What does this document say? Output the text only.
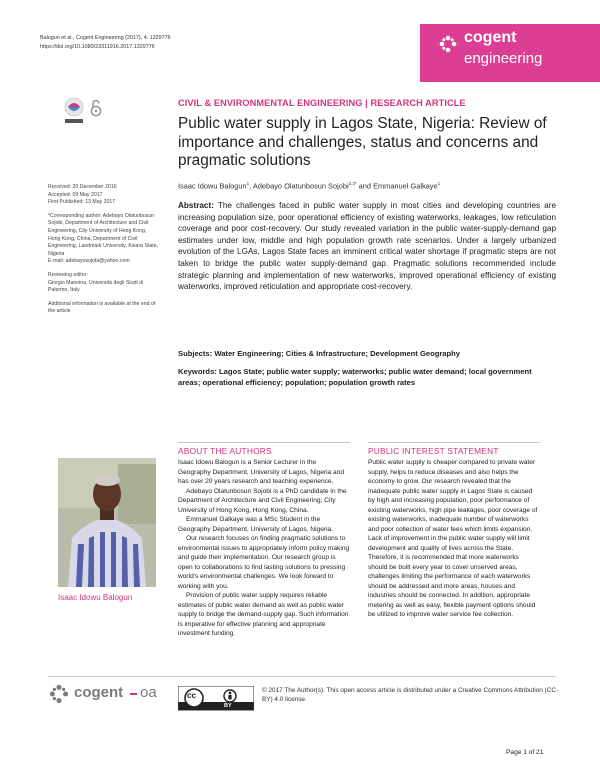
Balogun et al., Cogent Engineering (2017), 4: 1329776
https://doi.org/10.1080/23311916.2017.1329776
cogent
engineering

Received: 20 December 2016

Accepted: 09 May 2017

First Published: 13 May 2017

*Corresponding author: Adebayo Olatunbosun Sojobi, Department of Architecture and Civil Engineering, City University of Hong Kong, Hong Kong, China; Department of Civil Engineering, Landmark University, Kwara State, Nigeria

E-mail: adebayosojobi@yahoo.com

Reviewing editor:

Giorgio Mannina, Università degli Studi di Palermo, Italy

Additional information is available at the end of the article

CIVIL & ENVIRONMENTAL ENGINEERING | RESEARCH ARTICLE
Public water supply in Lagos State, Nigeria: Review of importance and challenges, status and concerns and pragmatic solutions
Isaac Idowu Balogun$^1$, Adebayo Olatunbosun Sojobi$^{2,3*}$ and Emmanuel Galkaye$^1$
Abstract: The challenges faced in public water supply in most cities and developing countries are increasing population size, poor operational efficiency of existing waterworks, leakages, low reticulation coverage and poor cost-recovery. Our study revealed variation in the public water-supply-demand gap estimates under low, middle and high population growth rate scenarios. Under a largely urbanized evolution of the LGAs, Lagos State faces an imminent critical water shortage if pragmatic steps are not taken to bridge the public water supply-demand gap. Pragmatic solutions recommended include strategic planning and implementation of new waterworks, improved operational efficiency of existing waterworks, improved reticulation and appropriate cost-recovery.
Subjects: Water Engineering; Cities & Infrastructure; Development Geography
Keywords: Lagos State; public water supply; waterworks; public water demand; local government areas; operational efficiency; population; population growth rates
ABOUT THE AUTHORS	PUBLIC INTEREST STATEMENT
Isaac Idowu Balogun

Isaac Idowu Balogun is a Senior Lecturer in the Geography Department, University of Lagos, Nigeria and has over 20 years research and teaching experience.

Adebayo Olatunbosun Sojobi is a PhD candidate in the Department of Architecture and Civil Engineering, City University of Hong Kong, Hong Kong, China.

Emmanuel Galkaye was a MSc Student in the Geography Department, University of Lagos, Nigeria.

Our research focuses on finding pragmatic solutions to environmental issues to appropriately inform policy making and guide their implementation. Our research group is open to collaborations to find lasting solutions to pressing world's environmental challenges. We look forward to working with you.

Provision of public water supply requires reliable estimates of public water demand as well as public water supply to bridge the demand-supply gap. Such information is imperative for effective planning and appropriate investment funding.

Public water supply is cheaper compared to private water supply, helps to reduce diseases and also helps the economy to grow. Our research revealed that the inadequate public water supply in Lagos State is caused by high and increasing population, poor performance of existing waterworks, high pipe leakages, poor coverage of existing waterworks, inadequate number of waterworks and poor collection of water fees which limits expansion. Lack of improvement in the public water supply will limit development and quality of lives across the State. Therefore, it is recommended that more waterworks should be built every year to cover unserved areas, challenges limiting the performance of each waterworks should be addressed and more areas, houses and industries should be connected. In addition, appropriate metering as well as easy, flexible payment options should be utilized to improve water service fee collection.
cogent oa	cc
BY
© 2017 The Author(s). This open access article is distributed under a Creative Commons Attribution (CC-BY) 4.0 license.
Page 1 of 21
